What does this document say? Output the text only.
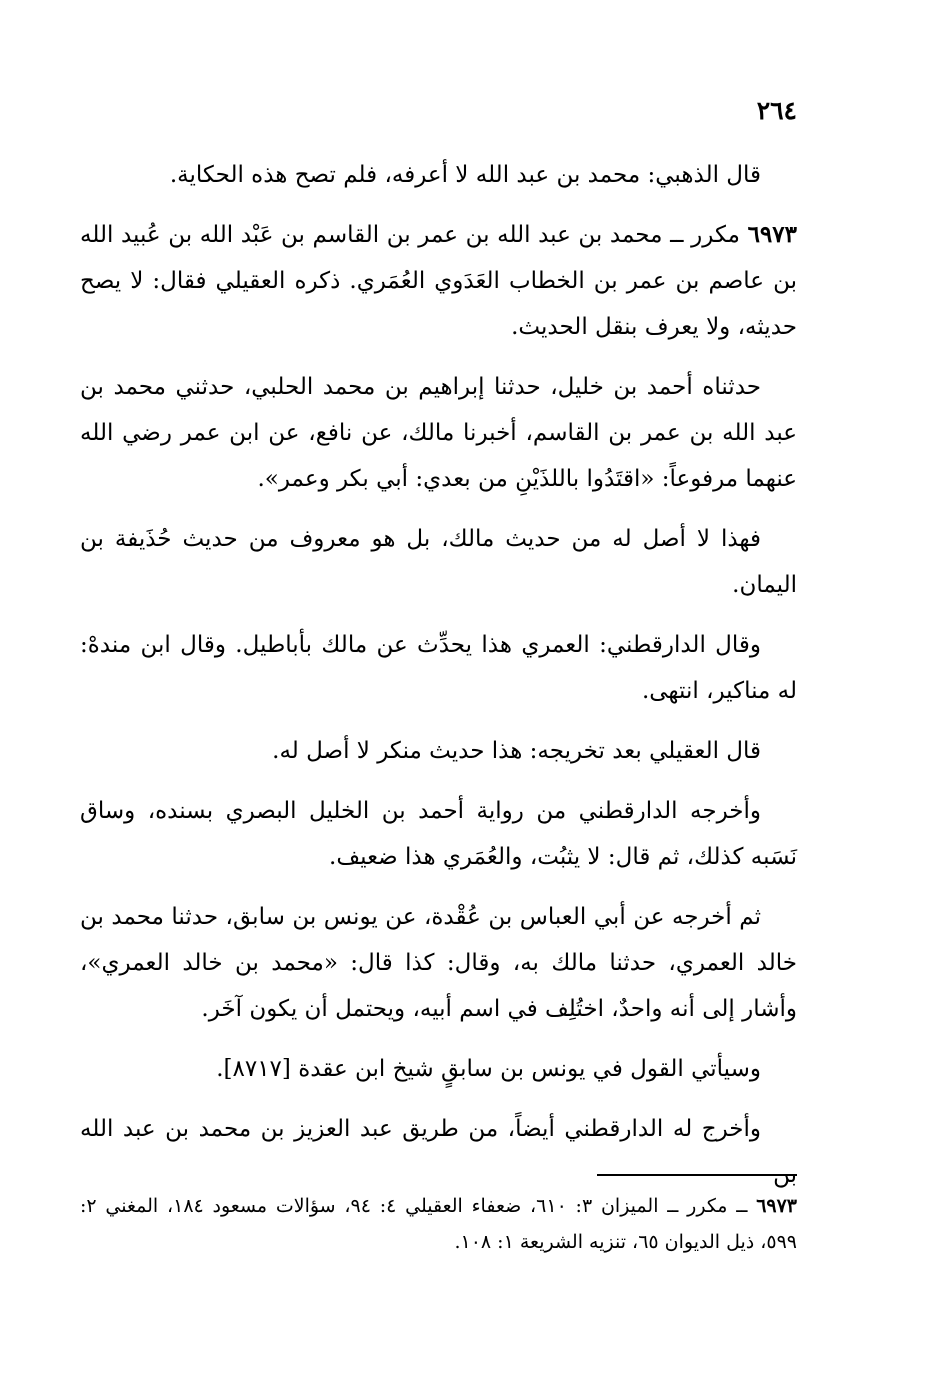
٢٦٤

قال الذهبي: محمد بن عبد الله لا أعرفه، فلم تصح هذه الحكاية.

٦٩٧٣ مكرر ــ محمد بن عبد الله بن عمر بن القاسم بن عَبْد الله بن عُبيد الله بن عاصم بن عمر بن الخطاب العَدَوي العُمَري. ذكره العقيلي فقال: لا يصح حديثه، ولا يعرف بنقل الحديث.

حدثناه أحمد بن خليل، حدثنا إبراهيم بن محمد الحلبي، حدثني محمد بن عبد الله بن عمر بن القاسم، أخبرنا مالك، عن نافع، عن ابن عمر رضي الله عنهما مرفوعاً: «اقتَدُوا باللذَيْنِ من بعدي: أبي بكر وعمر».

فهذا لا أصل له من حديث مالك، بل هو معروف من حديث حُذَيفة بن اليمان.

وقال الدارقطني: العمري هذا يحدِّث عن مالك بأباطيل. وقال ابن مندهْ: له مناكير، انتهى.

قال العقيلي بعد تخريجه: هذا حديث منكر لا أصل له.

وأخرجه الدارقطني من رواية أحمد بن الخليل البصري بسنده، وساق نَسَبه كذلك، ثم قال: لا يثبُت، والعُمَري هذا ضعيف.

ثم أخرجه عن أبي العباس بن عُقْدة، عن يونس بن سابق، حدثنا محمد بن خالد العمري، حدثنا مالك به، وقال: كذا قال: «محمد بن خالد العمري»، وأشار إلى أنه واحدٌ، اختُلِف في اسم أبيه، ويحتمل أن يكون آخَر.

وسيأتي القول في يونس بن سابقٍ شيخ ابن عقدة [٨٧١٧].

وأخرج له الدارقطني أيضاً، من طريق عبد العزيز بن محمد بن عبد الله بن

٦٩٧٣ ــ مكرر ــ الميزان ٣: ٦١٠، ضعفاء العقيلي ٤: ٩٤، سؤالات مسعود ١٨٤، المغني ٢: ٥٩٩، ذيل الديوان ٦٥، تنزيه الشريعة ١: ١٠٨.
